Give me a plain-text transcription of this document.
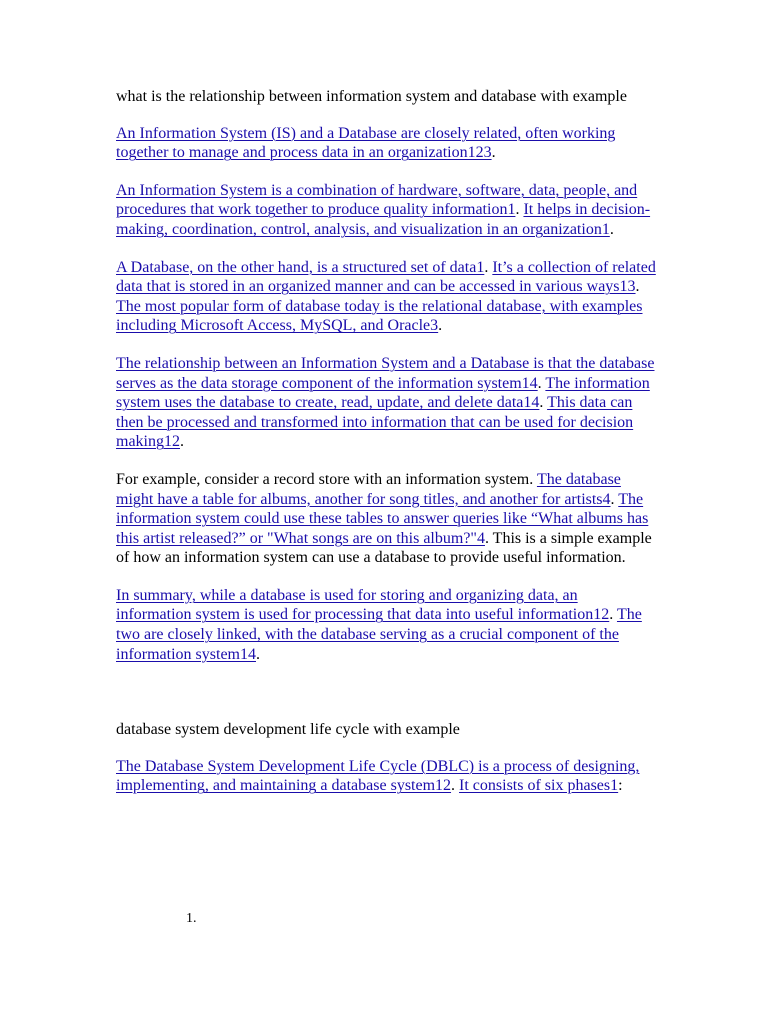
what is the relationship between information system and database with example

An Information System (IS) and a Database are closely related, often working together to manage and process data in an organization123.

An Information System is a combination of hardware, software, data, people, and procedures that work together to produce quality information1. It helps in decision-making, coordination, control, analysis, and visualization in an organization1.

A Database, on the other hand, is a structured set of data1. It’s a collection of related data that is stored in an organized manner and can be accessed in various ways13. The most popular form of database today is the relational database, with examples including Microsoft Access, MySQL, and Oracle3.

The relationship between an Information System and a Database is that the database serves as the data storage component of the information system14. The information system uses the database to create, read, update, and delete data14. This data can then be processed and transformed into information that can be used for decision making12.

For example, consider a record store with an information system. The database might have a table for albums, another for song titles, and another for artists4. The information system could use these tables to answer queries like “What albums has this artist released?” or "What songs are on this album?"4. This is a simple example of how an information system can use a database to provide useful information.

In summary, while a database is used for storing and organizing data, an information system is used for processing that data into useful information12. The two are closely linked, with the database serving as a crucial component of the information system14.

database system development life cycle with example

The Database System Development Life Cycle (DBLC) is a process of designing, implementing, and maintaining a database system12. It consists of six phases1:

1.
